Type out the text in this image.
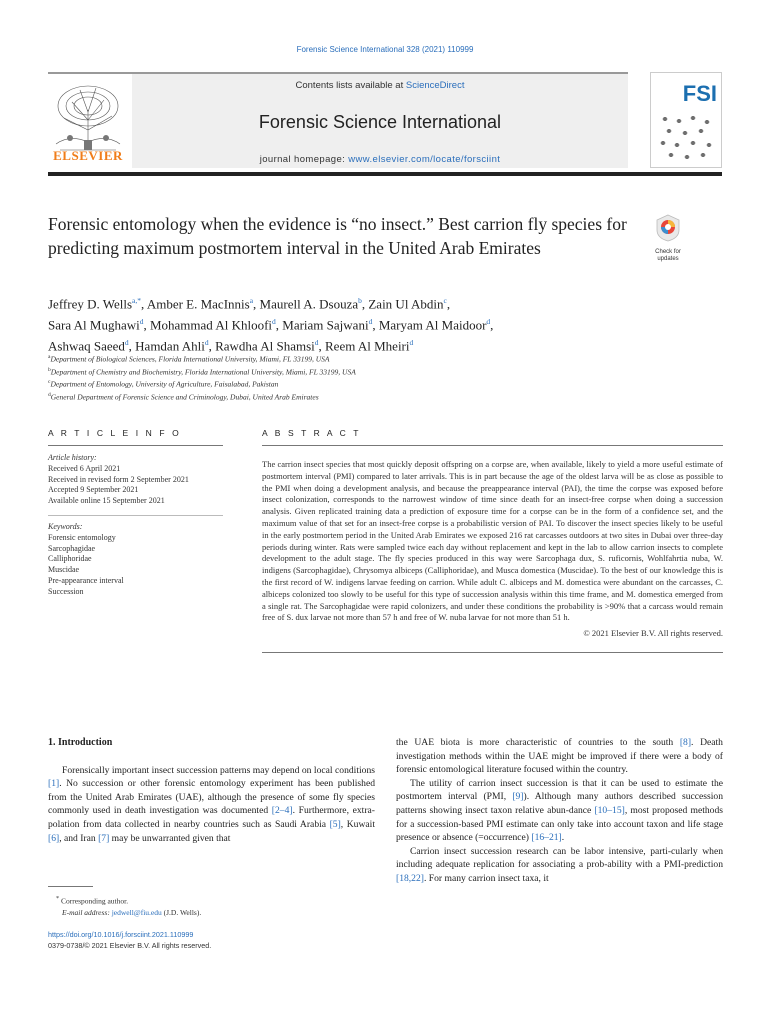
Forensic Science International 328 (2021) 110999
ELSEVIER
Contents lists available at ScienceDirect
Forensic Science International
journal homepage: www.elsevier.com/locate/forsciint
FSI
Forensic entomology when the evidence is “no insect.” Best carrion fly species for predicting maximum postmortem interval in the United Arab Emirates	Check for
updates
Jeffrey D. Wells$^{a,*}$, Amber E. MacInnis$^a$, Maurell A. Dsouza$^b$, Zain Ul Abdin$^c$,
Sara Al Mughawi$^d$, Mohammad Al Khloofi$^d$, Mariam Sajwani$^d$, Maryam Al Maidoor$^d$,
Ashwaq Saeed$^d$, Hamdan Ahli$^d$, Rawdha Al Shamsi$^d$, Reem Al Mheiri$^d$
$^a$Department of Biological Sciences, Florida International University, Miami, FL 33199, USA
$^b$Department of Chemistry and Biochemistry, Florida International University, Miami, FL 33199, USA
$^c$Department of Entomology, University of Agriculture, Faisalabad, Pakistan
$^d$General Department of Forensic Science and Criminology, Dubai, United Arab Emirates
A R T I C L E I N F O
Article history:
Received 6 April 2021
Received in revised form 2 September 2021
Accepted 9 September 2021
Available online 15 September 2021
Keywords:
Forensic entomology
Sarcophagidae
Calliphoridae
Muscidae
Pre-appearance interval
Succession
A B S T R A C T
The carrion insect species that most quickly deposit offspring on a corpse are, when available, likely to yield a more useful estimate of postmortem interval (PMI) compared to later arrivals. This is in part because the age of the oldest larva will be as close as possible to the PMI when doing a development analysis, and because the preappearance interval (PAI), the time the corpse was exposed before insect colonization, corresponds to the narrowest window of time since death for an insect-free corpse when doing a succession analysis. Given replicated training data a prediction of exposure time for a corpse can be in the form of a confidence set, and the maximum value of that set for an insect-free corpse is a probabilistic version of PAI. To discover the insect species likely to be useful in the early postmortem period in the United Arab Emirates we exposed 216 rat carcasses outdoors at two sites in Dubai over three-day periods during winter. Rats were sampled twice each day without replacement and kept in the lab to allow carrion insects to complete development to the adult stage. The fly species produced in this way were Sarcophaga dux, S. ruficornis, Wohlfahrtia nuba, W. indigens (Sarcophagidae), Chrysomya albiceps (Calliphoridae), and Musca domestica (Muscidae). To the best of our knowledge this is the first record of W. indigens larvae feeding on carrion. While adult C. albiceps and M. domestica were abundant on the carcasses, C. albiceps colonized too slowly to be useful for this type of succession analysis within this time frame, and M. domestica emerged from a single rat. The Sarcophagidae were rapid colonizers, and under these conditions the probability is >90% that a carcass would remain free of S. dux larvae not more than 57 h and free of W. nuba larvae for not more than 51 h.
© 2021 Elsevier B.V. All rights reserved.
1. Introduction

Forensically important insect succession patterns may depend on local conditions [1]. No succession or other forensic entomology experiment has been published from the United Arab Emirates (UAE), although the presence of some fly species commonly used in death investigation was documented [2–4]. Furthermore, extra-polation from data collected in nearby countries such as Saudi Arabia [5], Kuwait [6], and Iran [7] may be unwarranted given that

the UAE biota is more characteristic of countries to the south [8]. Death investigation methods within the UAE might be improved if there were a body of forensic entomological literature focused within the country.

The utility of carrion insect succession is that it can be used to estimate the postmortem interval (PMI, [9]). Although many authors described succession patterns showing insect taxon relative abun-dance [10–15], most proposed methods for a succession-based PMI estimate can only take into account taxon and life stage presence or absence (=occurrence) [16–21].

Carrion insect succession research can be labor intensive, parti-cularly when including adequate replication for associating a prob-ability with a PMI-prediction [18,22]. For many carrion insect taxa, it

* Corresponding author.
E-mail address: jedwell@fiu.edu (J.D. Wells).
https://doi.org/10.1016/j.forsciint.2021.110999
0379-0738/© 2021 Elsevier B.V. All rights reserved.
